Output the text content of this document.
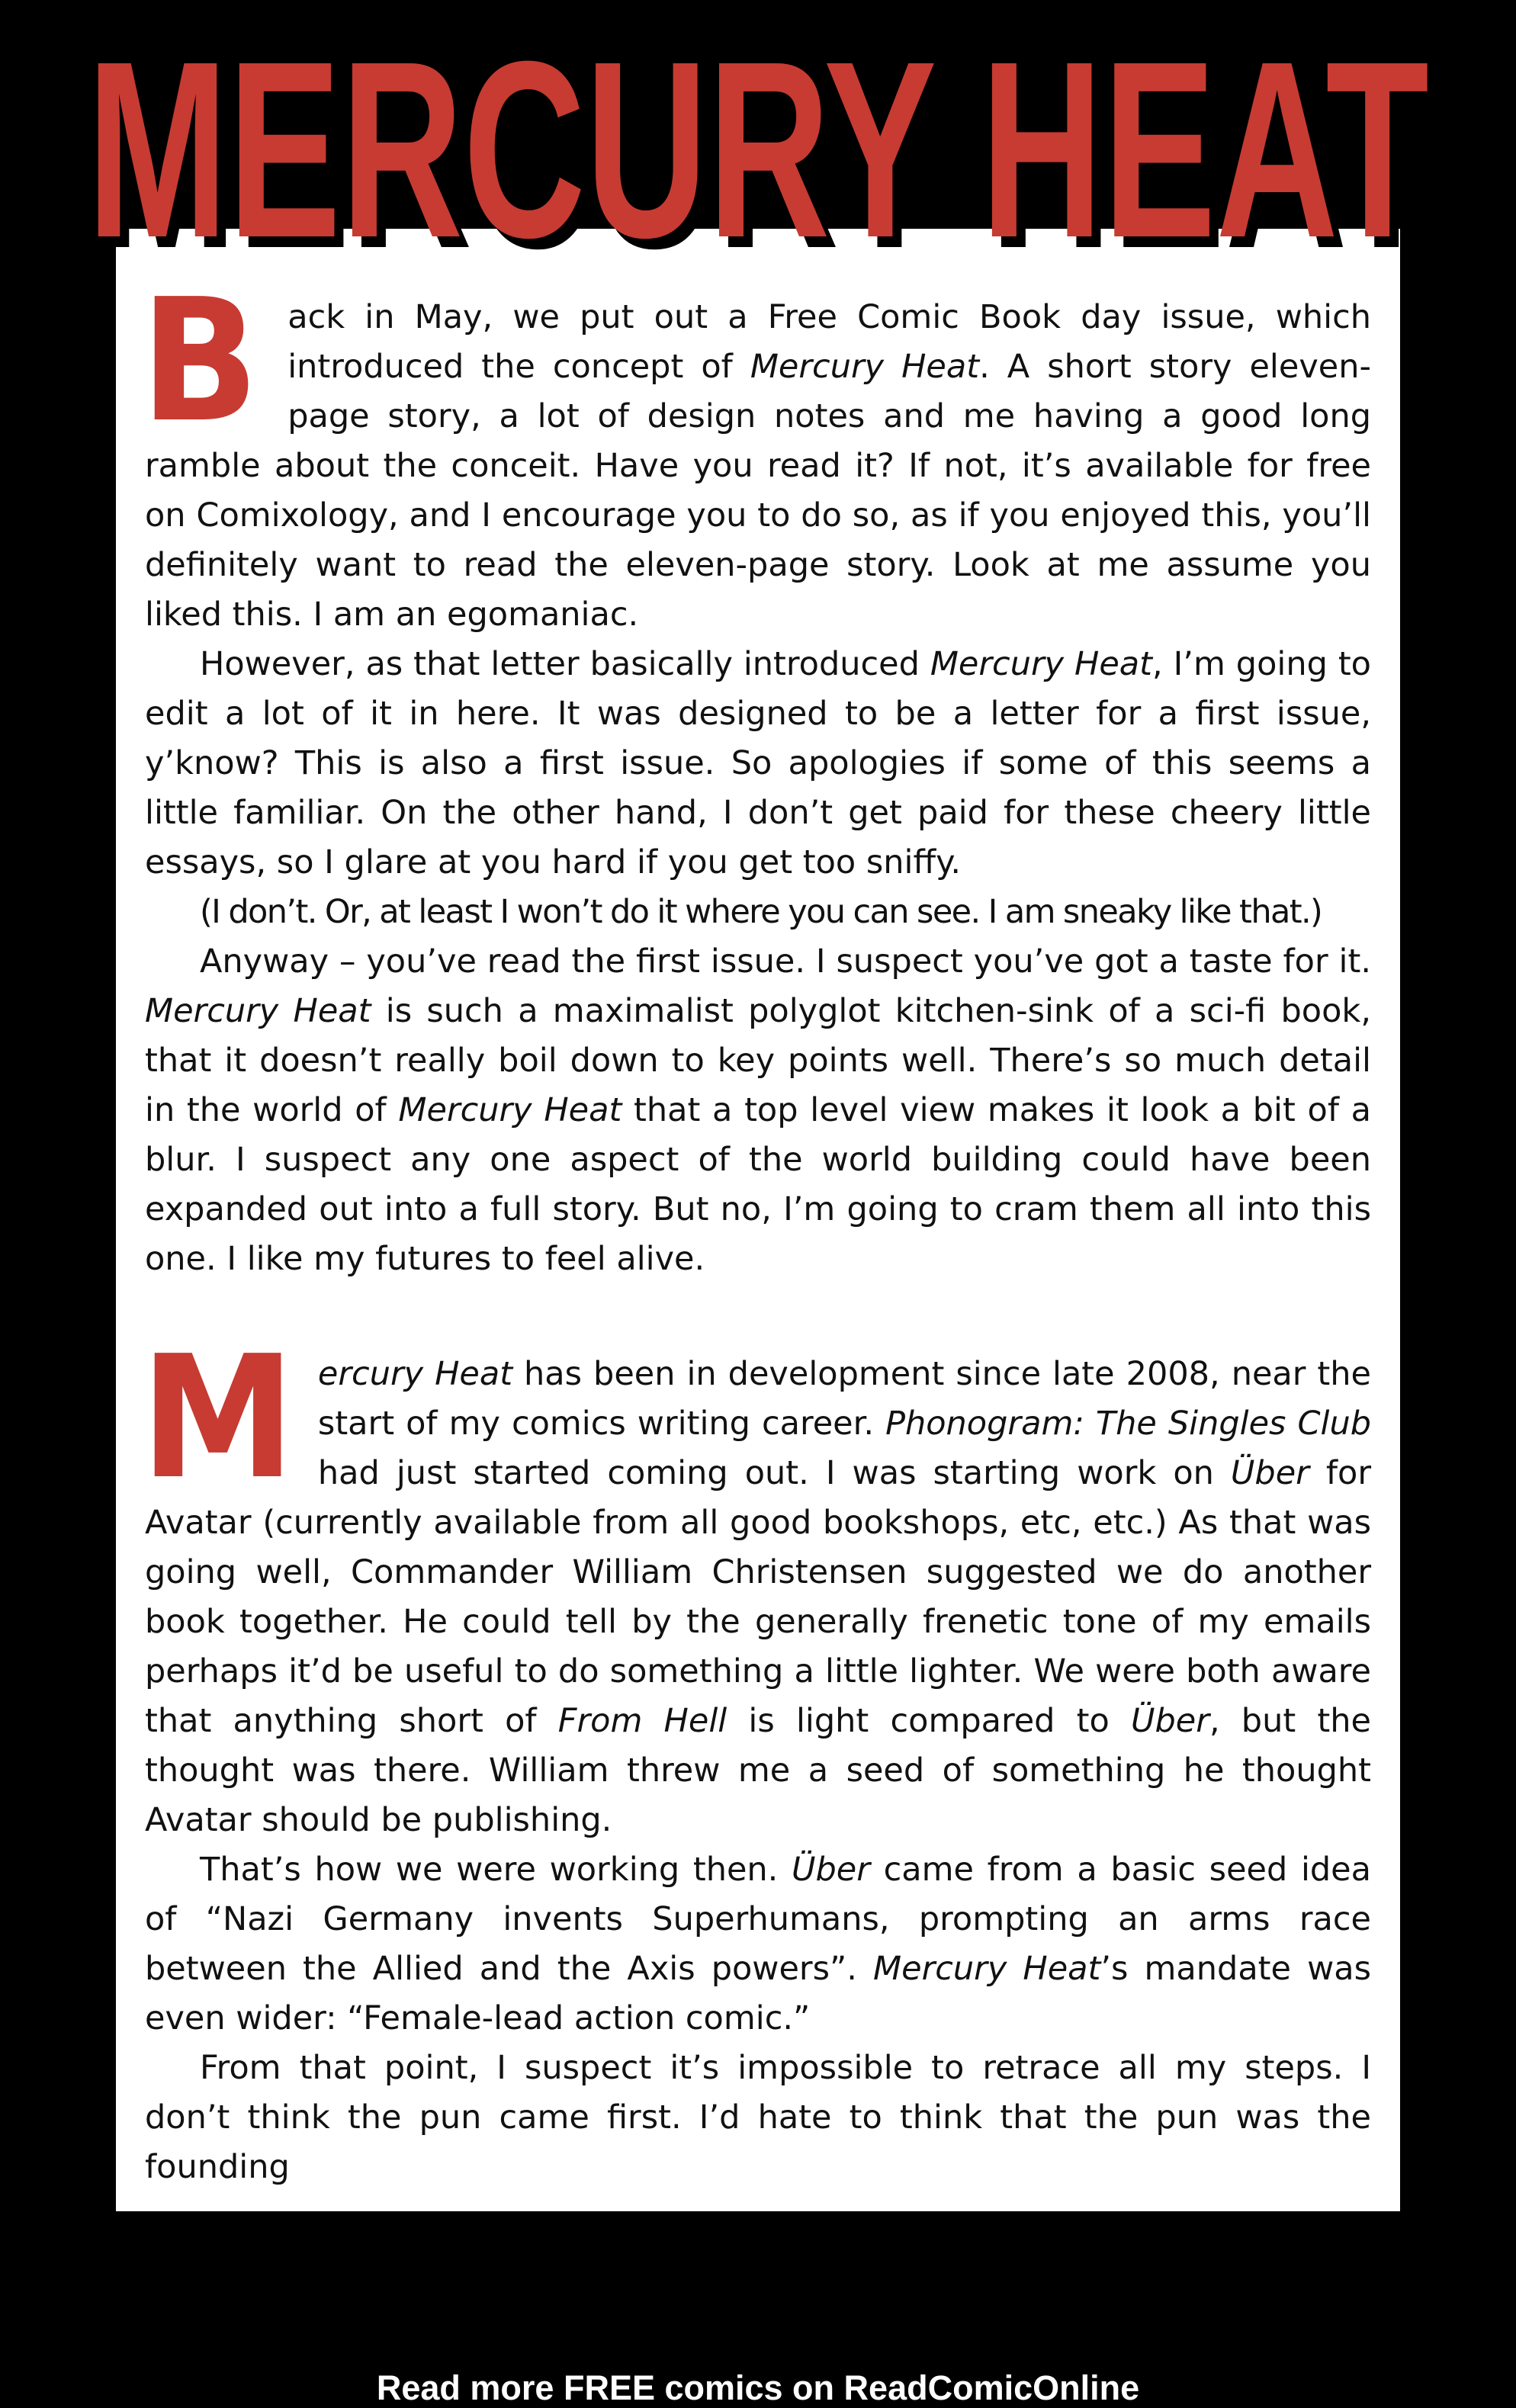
MERCURY HEAT
MERCURY HEAT
B ack in May, we put out a Free Comic Book day issue, which introduced the concept of Mercury Heat. A short story eleven-page story, a lot of design notes and me having a good long ramble about the conceit. Have you read it? If not, it’s available for free on Comixology, and I encourage you to do so, as if you enjoyed this, you’ll definitely want to read the eleven-page story. Look at me assume you liked this. I am an egomaniac.

However, as that letter basically introduced Mercury Heat, I’m going to edit a lot of it in here. It was designed to be a letter for a first issue, y’know? This is also a first issue. So apologies if some of this seems a little familiar. On the other hand, I don’t get paid for these cheery little essays, so I glare at you hard if you get too sniffy.

(I don’t. Or, at least I won’t do it where you can see. I am sneaky like that.)

Anyway – you’ve read the first issue. I suspect you’ve got a taste for it. Mercury Heat is such a maximalist polyglot kitchen-sink of a sci-fi book, that it doesn’t really boil down to key points well. There’s so much detail in the world of Mercury Heat that a top level view makes it look a bit of a blur. I suspect any one aspect of the world building could have been expanded out into a full story. But no, I’m going to cram them all into this one. I like my futures to feel alive.

M ercury Heat has been in development since late 2008, near the start of my comics writing career. Phonogram: The Singles Club had just started coming out. I was starting work on Über for Avatar (currently available from all good bookshops, etc, etc.) As that was going well, Commander William Christensen suggested we do another book together. He could tell by the generally frenetic tone of my emails perhaps it’d be useful to do something a little lighter. We were both aware that anything short of From Hell is light compared to Über, but the thought was there. William threw me a seed of something he thought Avatar should be publishing.

That’s how we were working then. Über came from a basic seed idea of “Nazi Germany invents Superhumans, prompting an arms race between the Allied and the Axis powers”. Mercury Heat’s mandate was even wider: “Female-lead action comic.”

From that point, I suspect it’s impossible to retrace all my steps. I don’t think the pun came first. I’d hate to think that the pun was the founding

Read more FREE comics on ReadComicOnline
